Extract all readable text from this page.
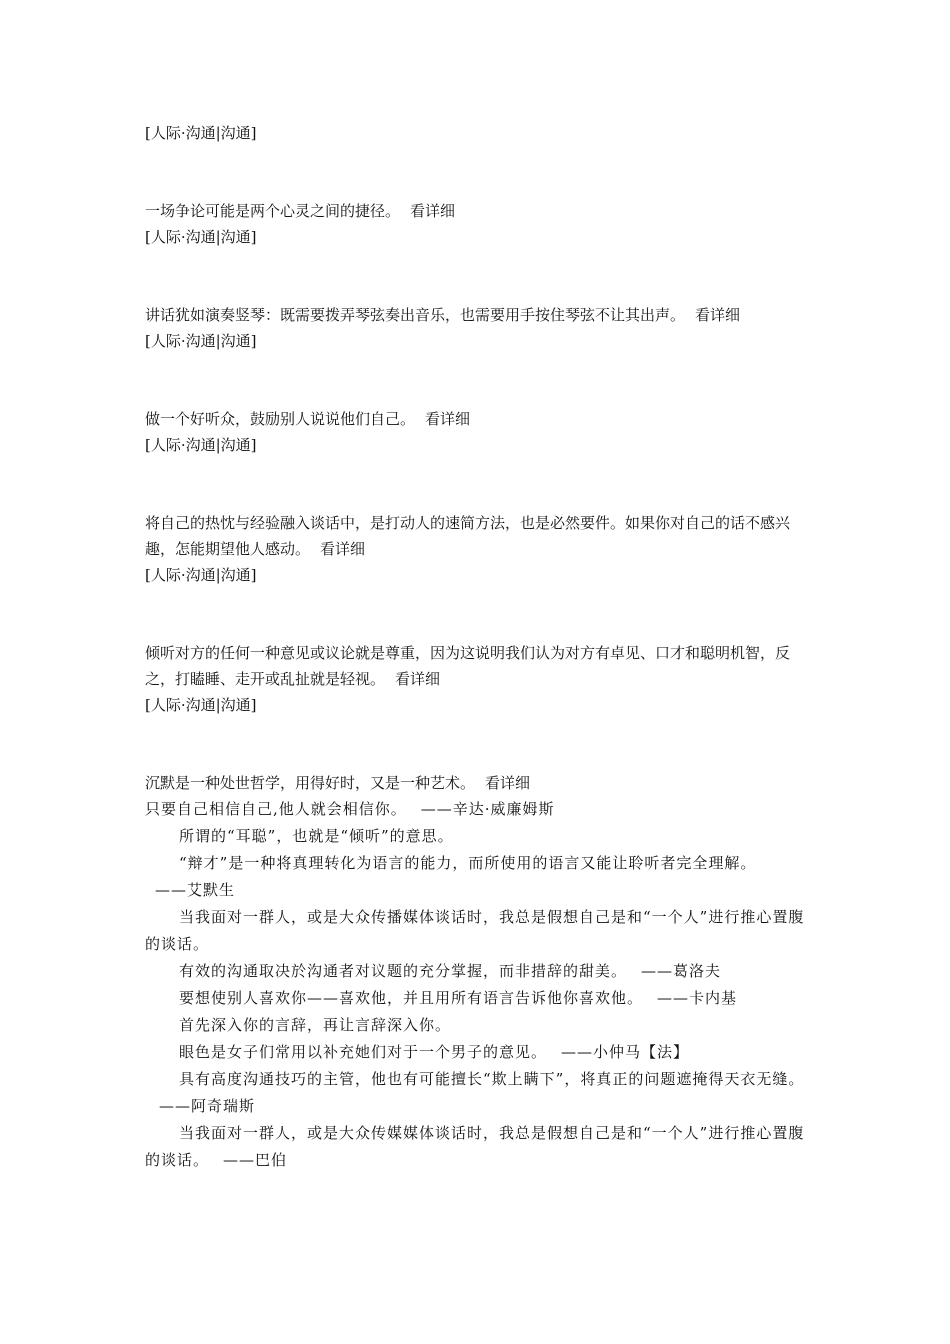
[人际·沟通|沟通]

一场争论可能是两个心灵之间的捷径。 看详细

[人际·沟通|沟通]

讲话犹如演奏竖琴：既需要拨弄琴弦奏出音乐，也需要用手按住琴弦不让其出声。 看详细

[人际·沟通|沟通]

做一个好听众，鼓励别人说说他们自己。 看详细

[人际·沟通|沟通]

将自己的热忱与经验融入谈话中，是打动人的速简方法，也是必然要件。如果你对自己的话不感兴趣，怎能期望他人感动。 看详细

[人际·沟通|沟通]

倾听对方的任何一种意见或议论就是尊重，因为这说明我们认为对方有卓见、口才和聪明机智，反之，打瞌睡、走开或乱扯就是轻视。 看详细

[人际·沟通|沟通]

沉默是一种处世哲学，用得好时，又是一种艺术。 看详细

只要自己相信自己,他人就会相信你。 ——辛达·威廉姆斯

所谓的“耳聪”，也就是“倾听”的意思。

“辩才”是一种将真理转化为语言的能力，而所使用的语言又能让聆听者完全理解。
——艾默生

当我面对一群人，或是大众传播媒体谈话时，我总是假想自己是和“一个人”进行推心置腹的谈话。

有效的沟通取决於沟通者对议题的充分掌握，而非措辞的甜美。 ——葛洛夫

要想使别人喜欢你——喜欢他，并且用所有语言告诉他你喜欢他。 ——卡内基

首先深入你的言辞，再让言辞深入你。

眼色是女子们常用以补充她们对于一个男子的意见。 ——小仲马【法】

具有高度沟通技巧的主管，他也有可能擅长“欺上瞒下”，将真正的问题遮掩得天衣无缝。——阿奇瑞斯

当我面对一群人，或是大众传媒媒体谈话时，我总是假想自己是和“一个人”进行推心置腹的谈话。 ——巴伯
